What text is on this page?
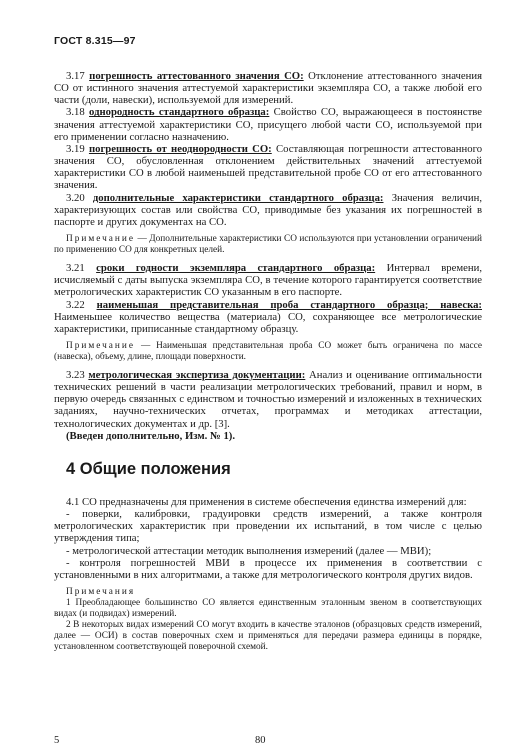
ГОСТ 8.315—97

3.17 погрешность аттестованного значения СО: Отклонение аттестованного значения СО от истинного значения аттестуемой характеристики экземпляра СО, а также любой его части (доли, навески), используемой для измерений.

3.18 однородность стандартного образца: Свойство СО, выражающееся в постоянстве значения аттестуемой характеристики СО, присущего любой части СО, используемой при его применении согласно назначению.

3.19 погрешность от неоднородности СО: Составляющая погрешности аттестованного значения СО, обусловленная отклонением действительных значений аттестуемой характеристики СО в любой наименьшей представительной пробе СО от его аттестованного значения.

3.20 дополнительные характеристики стандартного образца: Значения величин, характеризующих состав или свойства СО, приводимые без указания их погрешностей в паспорте и других документах на СО.

Примечание — Дополнительные характеристики СО используются при установлении ограничений по применению СО для конкретных целей.

3.21 сроки годности экземпляра стандартного образца: Интервал времени, исчисляемый с даты выпуска экземпляра СО, в течение которого гарантируется соответствие метрологических характеристик СО указанным в его паспорте.

3.22 наименьшая представительная проба стандартного образца; навеска: Наименьшее количество вещества (материала) СО, сохраняющее все метрологические характеристики, приписанные стандартному образцу.

Примечание — Наименьшая представительная проба СО может быть ограничена по массе (навеска), объему, длине, площади поверхности.

3.23 метрологическая экспертиза документации: Анализ и оценивание оптимальности технических решений в части реализации метрологических требований, правил и норм, в первую очередь связанных с единством и точностью измерений и изложенных в технических заданиях, научно-технических отчетах, программах и методиках аттестации, технологических документах и др. [3].

(Введен дополнительно, Изм. № 1).

4 Общие положения

4.1 СО предназначены для применения в системе обеспечения единства измерений для:

- поверки, калибровки, градуировки средств измерений, а также контроля метрологических характеристик при проведении их испытаний, в том числе с целью утверждения типа;

- метрологической аттестации методик выполнения измерений (далее — МВИ);

- контроля погрешностей МВИ в процессе их применения в соответствии с установленными в них алгоритмами, а также для метрологического контроля других видов.

Примечания

1 Преобладающее большинство СО является единственным эталонным звеном в соответствующих видах (и подвидах) измерений.

2 В некоторых видах измерений СО могут входить в качестве эталонов (образцовых средств измерений, далее — ОСИ) в состав поверочных схем и применяться для передачи размера единицы в порядке, установленном соответствующей поверочной схемой.

5	80
